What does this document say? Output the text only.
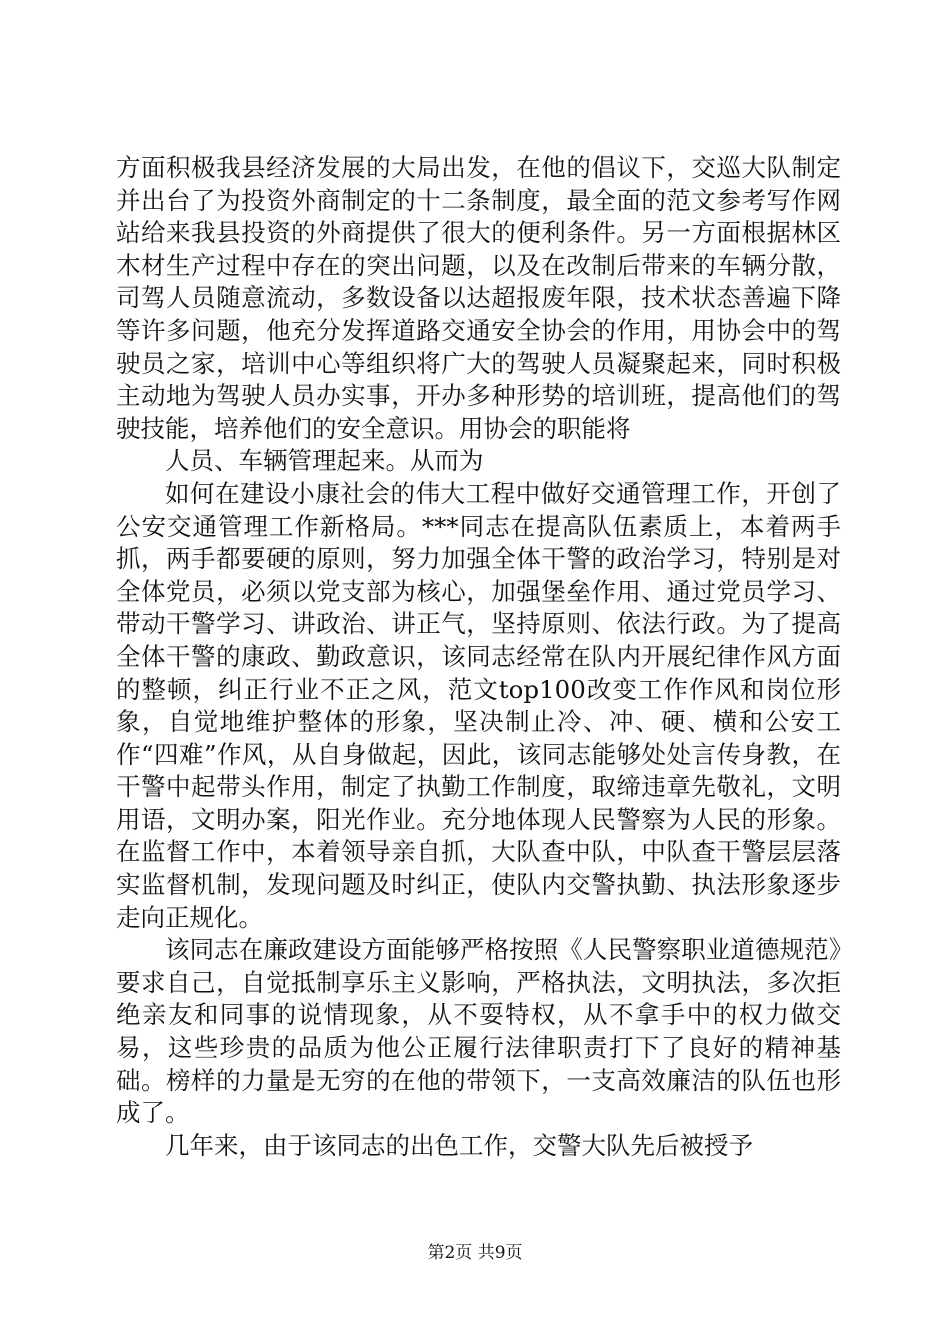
方面积极我县经济发展的大局出发，在他的倡议下，交巡大队制定并出台了为投资外商制定的十二条制度，最全面的范文参考写作网站给来我县投资的外商提供了很大的便利条件。另一方面根据林区木材生产过程中存在的突出问题，以及在改制后带来的车辆分散，司驾人员随意流动，多数设备以达超报废年限，技术状态善遍下降等许多问题，他充分发挥道路交通安全协会的作用，用协会中的驾驶员之家，培训中心等组织将广大的驾驶人员凝聚起来，同时积极主动地为驾驶人员办实事，开办多种形势的培训班，提高他们的驾驶技能，培养他们的安全意识。用协会的职能将

人员、车辆管理起来。从而为

如何在建设小康社会的伟大工程中做好交通管理工作，开创了公安交通管理工作新格局。***同志在提高队伍素质上，本着两手抓，两手都要硬的原则，努力加强全体干警的政治学习，特别是对全体党员，必须以党支部为核心，加强堡垒作用、通过党员学习、带动干警学习、讲政治、讲正气，坚持原则、依法行政。为了提高全体干警的康政、勤政意识，该同志经常在队内开展纪律作风方面的整顿，纠正行业不正之风，范文top100改变工作作风和岗位形象，自觉地维护整体的形象，坚决制止冷、冲、硬、横和公安工作“四难”作风，从自身做起，因此，该同志能够处处言传身教，在干警中起带头作用，制定了执勤工作制度，取缔违章先敬礼，文明用语，文明办案，阳光作业。充分地体现人民警察为人民的形象。在监督工作中，本着领导亲自抓，大队查中队，中队查干警层层落实监督机制，发现问题及时纠正，使队内交警执勤、执法形象逐步走向正规化。

该同志在廉政建设方面能够严格按照《人民警察职业道德规范》要求自己，自觉抵制享乐主义影响，严格执法，文明执法，多次拒绝亲友和同事的说情现象，从不耍特权，从不拿手中的权力做交易，这些珍贵的品质为他公正履行法律职责打下了良好的精神基础。榜样的力量是无穷的在他的带领下，一支高效廉洁的队伍也形成了。

几年来，由于该同志的出色工作，交警大队先后被授予

第2页 共9页
